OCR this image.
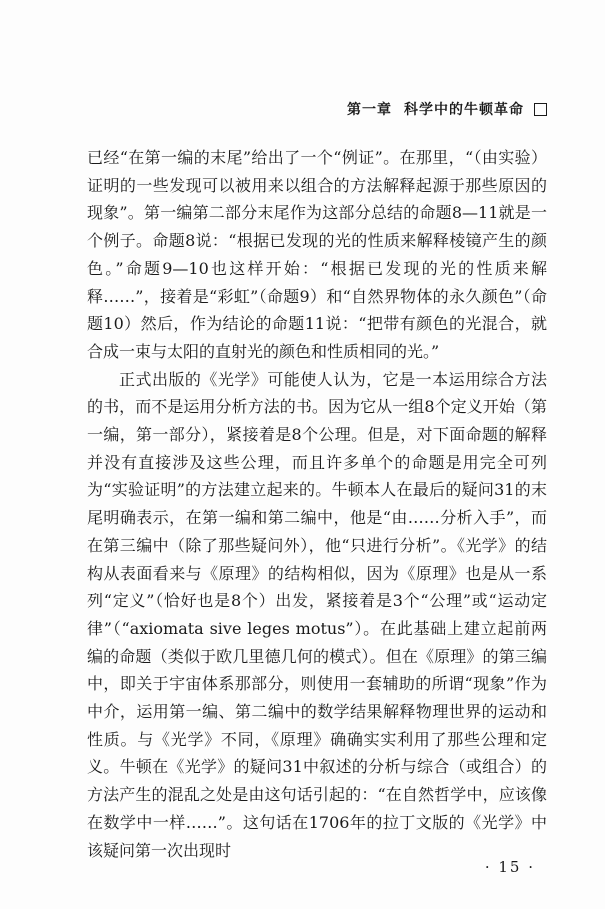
第一章 科学中的牛顿革命

已经“在第一编的末尾”给出了一个“例证”。在那里，“（由实验）证明的一些发现可以被用来以组合的方法解释起源于那些原因的现象”。第一编第二部分末尾作为这部分总结的命题8—11就是一个例子。命题8说：“根据已发现的光的性质来解释棱镜产生的颜色。”命题9—10也这样开始：“根据已发现的光的性质来解释……”，接着是“彩虹”（命题9）和“自然界物体的永久颜色”（命题10）然后，作为结论的命题11说：“把带有颜色的光混合，就合成一束与太阳的直射光的颜色和性质相同的光。”

正式出版的《光学》可能使人认为，它是一本运用综合方法的书，而不是运用分析方法的书。因为它从一组8个定义开始（第一编，第一部分），紧接着是8个公理。但是，对下面命题的解释并没有直接涉及这些公理，而且许多单个的命题是用完全可列为“实验证明”的方法建立起来的。牛顿本人在最后的疑问31的末尾明确表示，在第一编和第二编中，他是“由……分析入手”，而在第三编中（除了那些疑问外），他“只进行分析”。《光学》的结构从表面看来与《原理》的结构相似，因为《原理》也是从一系列“定义”（恰好也是8个）出发，紧接着是3个“公理”或“运动定律”（“axiomata sive leges motus”）。在此基础上建立起前两编的命题（类似于欧几里德几何的模式）。但在《原理》的第三编中，即关于宇宙体系那部分，则使用一套辅助的所谓“现象”作为中介，运用第一编、第二编中的数学结果解释物理世界的运动和性质。与《光学》不同，《原理》确确实实利用了那些公理和定义。牛顿在《光学》的疑问31中叙述的分析与综合（或组合）的方法产生的混乱之处是由这句话引起的：“在自然哲学中，应该像在数学中一样……”。这句话在1706年的拉丁文版的《光学》中该疑问第一次出现时

· 15 ·
